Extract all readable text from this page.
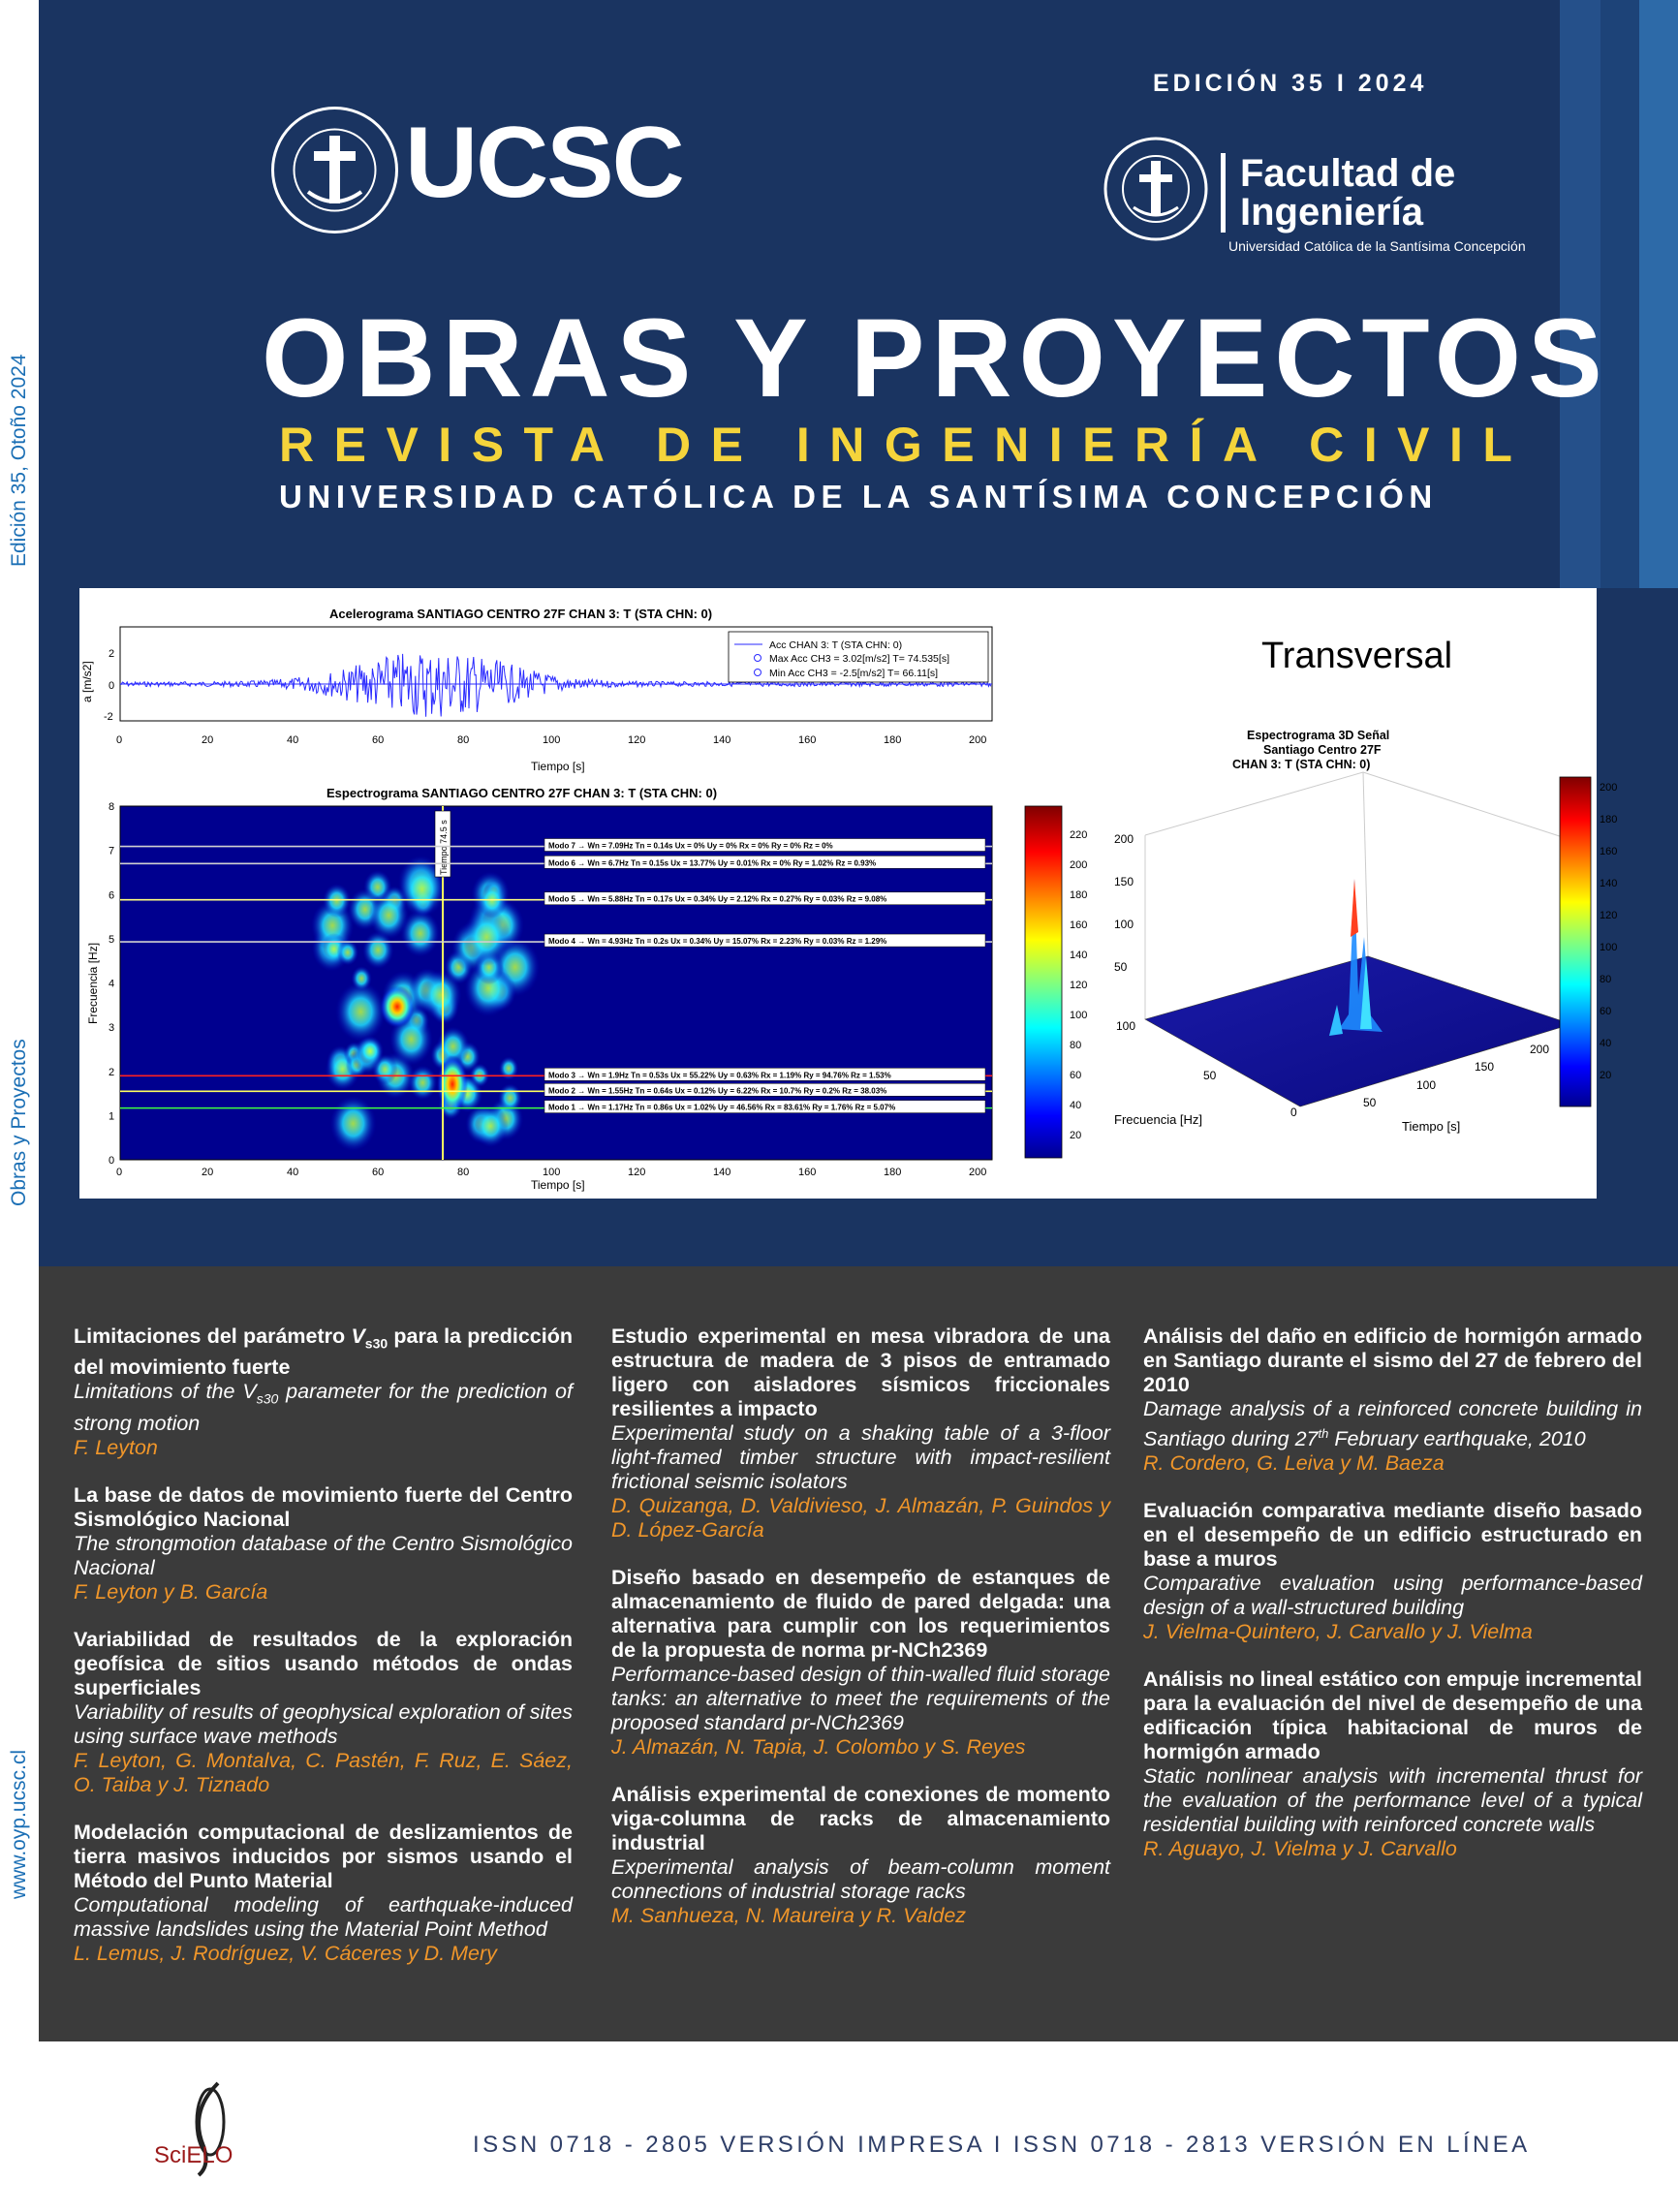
Edición 35, Otoño 2024
Obras y Proyectos
www.oyp.ucsc.cl
EDICIÓN 35 I 2024
UCSC	Facultad de
Ingeniería
Universidad Católica de la Santísima Concepción
OBRAS Y PROYECTOS
REVISTA DE INGENIERÍA CIVIL
UNIVERSIDAD CATÓLICA DE LA SANTÍSIMA CONCEPCIÓN
Acelerograma SANTIAGO CENTRO 27F CHAN 3: T (STA CHN: 0)
2
0
-2
a [m/s2]
Acc CHAN 3: T (STA CHN: 0)
Max Acc CH3 = 3.02[m/s2] T= 74.535[s]
Min Acc CH3 = -2.5[m/s2] T= 66.11[s]
0	20	40	60	80	100	120	140	160	180	200
Tiempo [s]
Espectrograma SANTIAGO CENTRO 27F CHAN 3: T (STA CHN: 0)
Tiempo 74.5 s	Modo 7 → Wn = 7.09Hz Tn = 0.14s Ux = 0% Uy = 0% Rx = 0% Ry = 0% Rz = 0%
Modo 6 → Wn = 6.7Hz Tn = 0.15s Ux = 13.77% Uy = 0.01% Rx = 0% Ry = 1.02% Rz = 0.93%
Modo 5 → Wn = 5.88Hz Tn = 0.17s Ux = 0.34% Uy = 2.12% Rx = 0.27% Ry = 0.03% Rz = 9.08%
Modo 4 → Wn = 4.93Hz Tn = 0.2s Ux = 0.34% Uy = 15.07% Rx = 2.23% Ry = 0.03% Rz = 1.29%
Modo 3 → Wn = 1.9Hz Tn = 0.53s Ux = 55.22% Uy = 0.63% Rx = 1.19% Ry = 94.76% Rz = 1.53%
Modo 2 → Wn = 1.55Hz Tn = 0.64s Ux = 0.12% Uy = 6.22% Rx = 10.7% Ry = 0.2% Rz = 38.03%
Modo 1 → Wn = 1.17Hz Tn = 0.86s Ux = 1.02% Uy = 46.56% Rx = 83.61% Ry = 1.76% Rz = 5.07%
0
1
2
3
4
5
6
7
8
Frecuencia [Hz]
0	20	40	60	80	100	120	140	160	180	200
Tiempo [s]
220
200
180
160
140
120
100
80
60
40
20
Transversal
Espectrograma 3D Señal
Santiago Centro 27F
CHAN 3: T (STA CHN: 0)
200
150
100
50
100
50
0
50
100
150
200
Frecuencia [Hz]	Tiempo [s]
200
180
160
140
120
100
80
60
40
20
Limitaciones del parámetro $V_{s30}$ para la predicción del movimiento fuerte
Limitations of the $V_{s30}$ parameter for the prediction of strong motion
F. Leyton
La base de datos de movimiento fuerte del Centro Sismológico Nacional
The strongmotion database of the Centro Sismológico Nacional
F. Leyton y B. García
Variabilidad de resultados de la exploración geofísica de sitios usando métodos de ondas superficiales
Variability of results of geophysical exploration of sites using surface wave methods
F. Leyton, G. Montalva, C. Pastén, F. Ruz, E. Sáez, O. Taiba y J. Tiznado
Modelación computacional de deslizamientos de tierra masivos inducidos por sismos usando el Método del Punto Material
Computational modeling of earthquake-induced massive landslides using the Material Point Method
L. Lemus, J. Rodríguez, V. Cáceres y D. Mery
Estudio experimental en mesa vibradora de una estructura de madera de 3 pisos de entramado ligero con aisladores sísmicos friccionales resilientes a impacto
Experimental study on a shaking table of a 3-floor light-framed timber structure with impact-resilient frictional seismic isolators
D. Quizanga, D. Valdivieso, J. Almazán, P. Guindos y D. López-García
Diseño basado en desempeño de estanques de almacenamiento de fluido de pared delgada: una alternativa para cumplir con los requerimientos de la propuesta de norma pr-NCh2369
Performance-based design of thin-walled fluid storage tanks: an alternative to meet the requirements of the proposed standard pr-NCh2369
J. Almazán, N. Tapia, J. Colombo y S. Reyes
Análisis experimental de conexiones de momento viga-columna de racks de almacenamiento industrial
Experimental analysis of beam-column moment connections of industrial storage racks
M. Sanhueza, N. Maureira y R. Valdez
Análisis del daño en edificio de hormigón armado en Santiago durante el sismo del 27 de febrero del 2010
Damage analysis of a reinforced concrete building in Santiago during 27th February earthquake, 2010
R. Cordero, G. Leiva y M. Baeza
Evaluación comparativa mediante diseño basado en el desempeño de un edificio estructurado en base a muros
Comparative evaluation using performance-based design of a wall-structured building
J. Vielma-Quintero, J. Carvallo y J. Vielma
Análisis no lineal estático con empuje incremental para la evaluación del nivel de desempeño de una edificación típica habitacional de muros de hormigón armado
Static nonlinear analysis with incremental thrust for the evaluation of the performance level of a typical residential building with reinforced concrete walls
R. Aguayo, J. Vielma y J. Carvallo
SciELO	ISSN 0718 - 2805 VERSIÓN IMPRESA I ISSN 0718 - 2813 VERSIÓN EN LÍNEA
